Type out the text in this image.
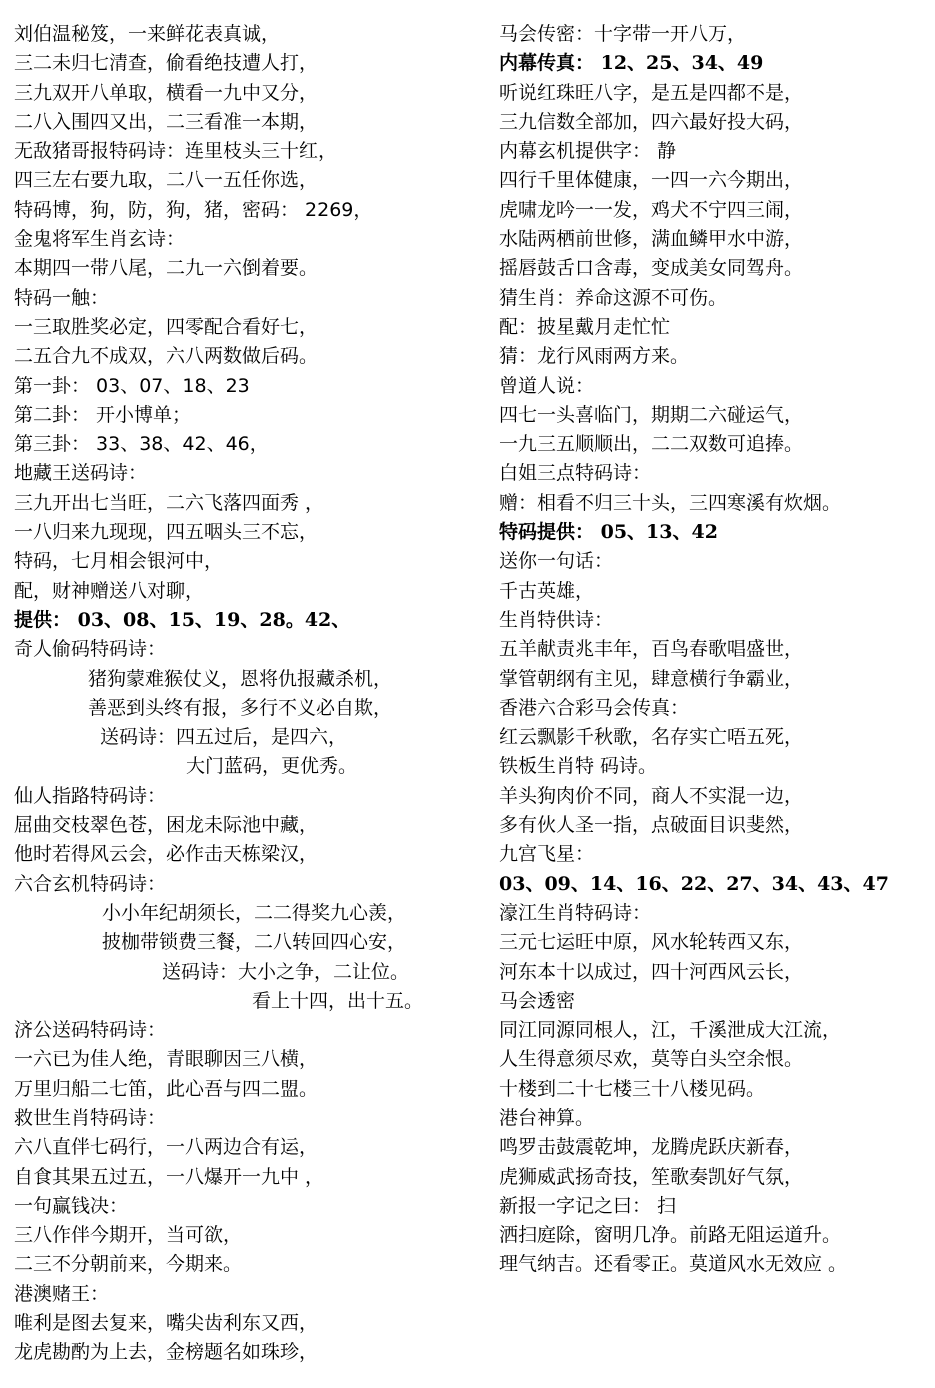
刘伯温秘笈，一来鲜花表真诚，
三二未归七清查，偷看绝技遭人打，
三九双开八单取，横看一九中又分，
二八入围四又出，二三看准一本期，
无敌猪哥报特码诗：连里枝头三十红，
四三左右要九取，二八一五任你选，
特码博，狗，防，狗，猪，密码： 2269，
金鬼将军生肖玄诗：
本期四一带八尾，二九一六倒着要。
特码一触：
一三取胜奖必定，四零配合看好七，
二五合九不成双，六八两数做后码。
第一卦： 03、07、18、23
第二卦： 开小博单；
第三卦： 33、38、42、46，
地藏王送码诗：
三九开出七当旺，二六飞落四面秀 ，
一八归来九现现，四五咽头三不忘，
特码，七月相会银河中，
配，财神赠送八对聊，
提供： 03、08、15、19、28。42、
奇人偷码特码诗：
猪狗蒙难猴仗义，恩将仇报藏杀机，
善恶到头终有报，多行不义必自欺，
送码诗：四五过后，是四六，
大门蓝码，更优秀。
仙人指路特码诗：
屈曲交枝翠色苍，困龙未际池中藏，
他时若得风云会，必作击天栋梁汉，
六合玄机特码诗：
小小年纪胡须长，二二得奖九心羡，
披枷带锁费三餐，二八转回四心安，
送码诗：大小之争，二让位。
看上十四，出十五。
济公送码特码诗：
一六已为佳人绝，青眼聊因三八横，
万里归船二七笛，此心吾与四二盟。
救世生肖特码诗：
六八直伴七码行，一八两边合有运，
自食其果五过五，一八爆开一九中 ，
一句赢钱决：
三八作伴今期开，当可欲，
二三不分朝前来，今期来。
港澳赌王：
唯利是图去复来，嘴尖齿利东又西，
龙虎勘酌为上去，金榜题名如珠珍，
马会传密：十字带一开八万，
内幕传真： 12、25、34、49
听说红珠旺八字，是五是四都不是，
三九信数全部加，四六最好投大码，
内幕玄机提供字： 静
四行千里体健康，一四一六今期出，
虎啸龙吟一一发，鸡犬不宁四三闹，
水陆两栖前世修，满血鳞甲水中游，
摇唇鼓舌口含毒，变成美女同驾舟。
猜生肖：养命这源不可伤。
配：披星戴月走忙忙
猜：龙行风雨两方来。
曾道人说：
四七一头喜临门，期期二六碰运气，
一九三五顺顺出，二二双数可追捧。
白姐三点特码诗：
赠：相看不归三十头，三四寒溪有炊烟。
特码提供： 05、13、42
送你一句话：
千古英雄，
生肖特供诗：
五羊献责兆丰年，百鸟春歌唱盛世，
掌管朝纲有主见，肆意横行争霸业，
香港六合彩马会传真：
红云飘影千秋歌，名存实亡唔五死，
铁板生肖特 码诗。
羊头狗肉价不同，商人不实混一边，
多有伙人圣一指，点破面目识斐然，
九宫飞星：
03、09、14、16、22、27、34、43、47
濠江生肖特码诗：
三元七运旺中原，风水轮转西又东，
河东本十以成过，四十河西风云长，
马会透密
同江同源同根人，江，千溪泄成大江流，
人生得意须尽欢，莫等白头空余恨。
十楼到二十七楼三十八楼见码。
港台神算。
鸣罗击鼓震乾坤，龙腾虎跃庆新春，
虎狮威武扬奇技，笙歌奏凯好气氛，
新报一字记之曰： 扫
洒扫庭除，窗明几净。前路无阻运道升。
理气纳吉。还看零正。莫道风水无效应 。
